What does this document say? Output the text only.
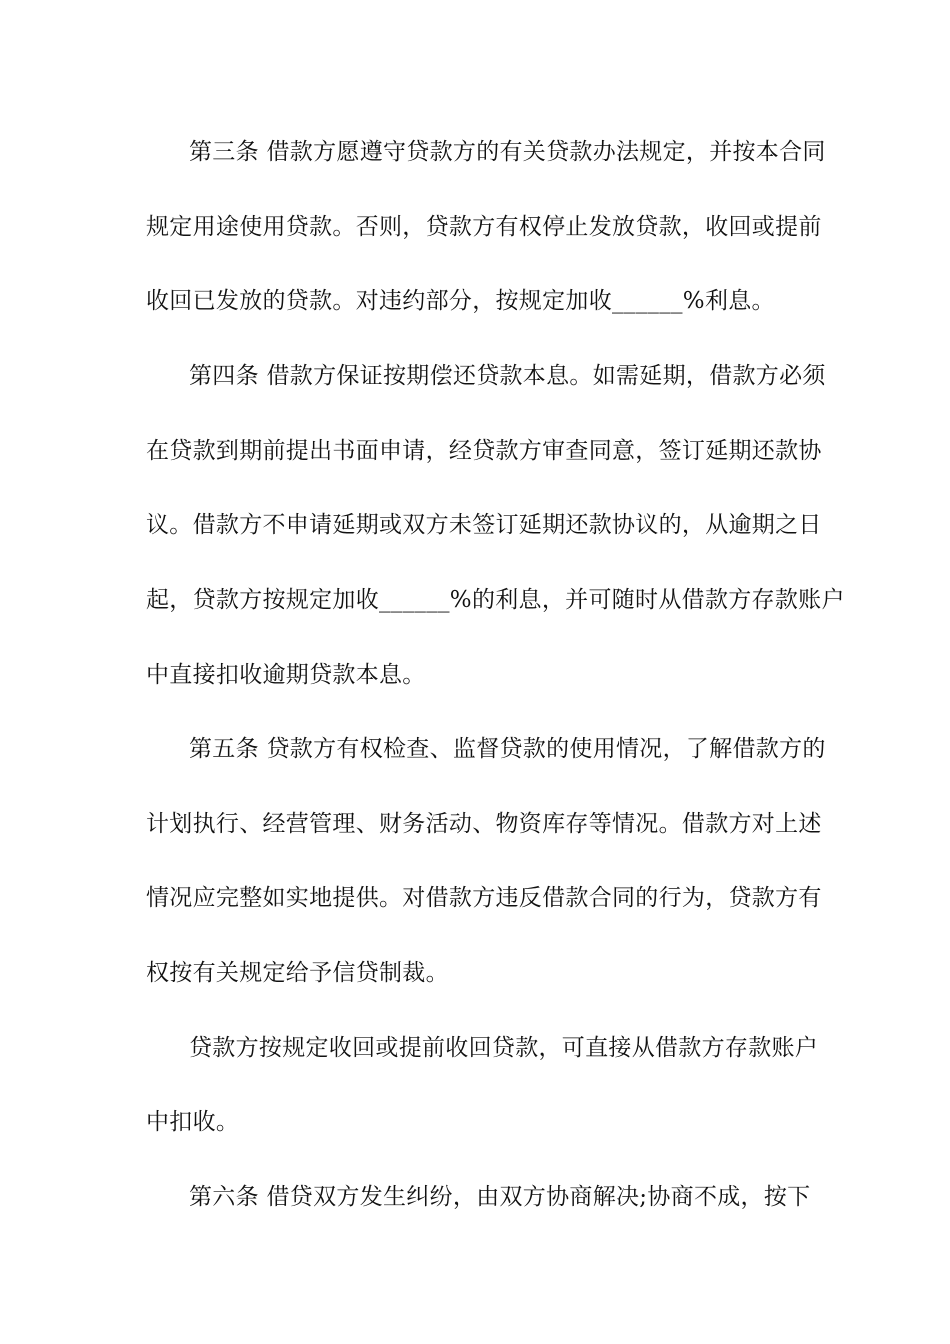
第三条 借款方愿遵守贷款方的有关贷款办法规定，并按本合同
规定用途使用贷款。否则，贷款方有权停止发放贷款，收回或提前
收回已发放的贷款。对违约部分，按规定加收______%利息。
第四条 借款方保证按期偿还贷款本息。如需延期，借款方必须
在贷款到期前提出书面申请，经贷款方审查同意，签订延期还款协
议。借款方不申请延期或双方未签订延期还款协议的，从逾期之日
起，贷款方按规定加收______%的利息，并可随时从借款方存款账户
中直接扣收逾期贷款本息。
第五条 贷款方有权检查、监督贷款的使用情况，了解借款方的
计划执行、经营管理、财务活动、物资库存等情况。借款方对上述
情况应完整如实地提供。对借款方违反借款合同的行为，贷款方有
权按有关规定给予信贷制裁。
贷款方按规定收回或提前收回贷款，可直接从借款方存款账户
中扣收。
第六条 借贷双方发生纠纷，由双方协商解决;协商不成，按下
